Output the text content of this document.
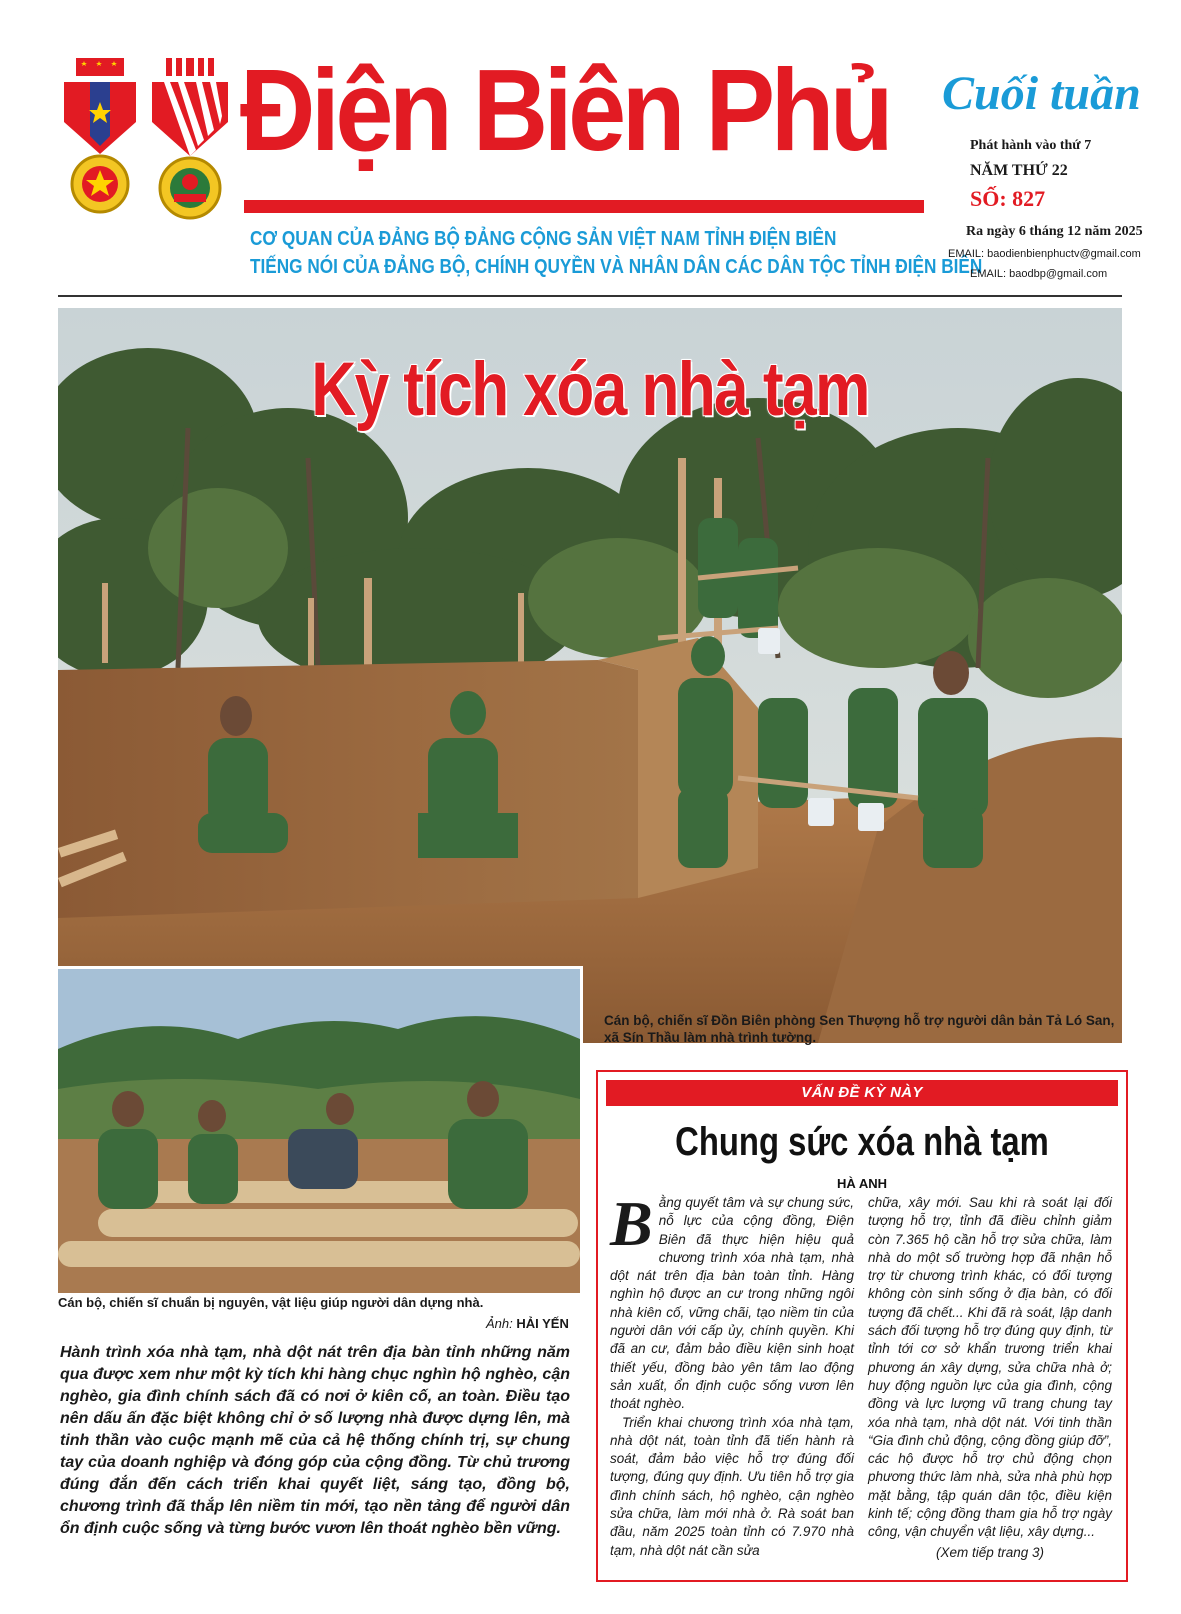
Điện Biên Phủ
CƠ QUAN CỦA ĐẢNG BỘ ĐẢNG CỘNG SẢN VIỆT NAM TỈNH ĐIỆN BIÊN
TIẾNG NÓI CỦA ĐẢNG BỘ, CHÍNH QUYỀN VÀ NHÂN DÂN CÁC DÂN TỘC TỈNH ĐIỆN BIÊN
Cuối tuần
Phát hành vào thứ 7
NĂM THỨ 22
SỐ: 827
Ra ngày 6 tháng 12 năm 2025
EMAIL: baodienbienphuctv@gmail.com
EMAIL: baodbp@gmail.com
Kỳ tích xóa nhà tạm
Cán bộ, chiến sĩ Đồn Biên phòng Sen Thượng hỗ trợ người dân bản Tả Ló San, xã Sín Thầu làm nhà trình tường.
Cán bộ, chiến sĩ chuẩn bị nguyên, vật liệu giúp người dân dựng nhà.
Ảnh: HẢI YẾN
Hành trình xóa nhà tạm, nhà dột nát trên địa bàn tỉnh những năm qua được xem như một kỳ tích khi hàng chục nghìn hộ nghèo, cận nghèo, gia đình chính sách đã có nơi ở kiên cố, an toàn. Điều tạo nên dấu ấn đặc biệt không chỉ ở số lượng nhà được dựng lên, mà tinh thần vào cuộc mạnh mẽ của cả hệ thống chính trị, sự chung tay của doanh nghiệp và đóng góp của cộng đồng. Từ chủ trương đúng đắn đến cách triển khai quyết liệt, sáng tạo, đồng bộ, chương trình đã thắp lên niềm tin mới, tạo nền tảng để người dân ổn định cuộc sống và từng bước vươn lên thoát nghèo bền vững.
VẤN ĐỀ KỲ NÀY
Chung sức xóa nhà tạm
HÀ ANH

Bằng quyết tâm và sự chung sức, nỗ lực của cộng đồng, Điện Biên đã thực hiện hiệu quả chương trình xóa nhà tạm, nhà dột nát trên địa bàn toàn tỉnh. Hàng nghìn hộ được an cư trong những ngôi nhà kiên cố, vững chãi, tạo niềm tin của người dân với cấp ủy, chính quyền. Khi đã an cư, đảm bảo điều kiện sinh hoạt thiết yếu, đồng bào yên tâm lao động sản xuất, ổn định cuộc sống vươn lên thoát nghèo.

Triển khai chương trình xóa nhà tạm, nhà dột nát, toàn tỉnh đã tiến hành rà soát, đảm bảo việc hỗ trợ đúng đối tượng, đúng quy định. Ưu tiên hỗ trợ gia đình chính sách, hộ nghèo, cận nghèo sửa chữa, làm mới nhà ở. Rà soát ban đầu, năm 2025 toàn tỉnh có 7.970 nhà tạm, nhà dột nát cần sửa

chữa, xây mới. Sau khi rà soát lại đối tượng hỗ trợ, tỉnh đã điều chỉnh giảm còn 7.365 hộ cần hỗ trợ sửa chữa, làm nhà do một số trường hợp đã nhận hỗ trợ từ chương trình khác, có đối tượng không còn sinh sống ở địa bàn, có đối tượng đã chết... Khi đã rà soát, lập danh sách đối tượng hỗ trợ đúng quy định, từ tỉnh tới cơ sở khẩn trương triển khai phương án xây dựng, sửa chữa nhà ở; huy động nguồn lực của gia đình, cộng đồng và lực lượng vũ trang chung tay xóa nhà tạm, nhà dột nát. Với tinh thần “Gia đình chủ động, cộng đồng giúp đỡ”, các hộ được hỗ trợ chủ động chọn phương thức làm nhà, sửa nhà phù hợp mặt bằng, tập quán dân tộc, điều kiện kinh tế; cộng đồng tham gia hỗ trợ ngày công, vận chuyển vật liệu, xây dựng...

(Xem tiếp trang 3)
